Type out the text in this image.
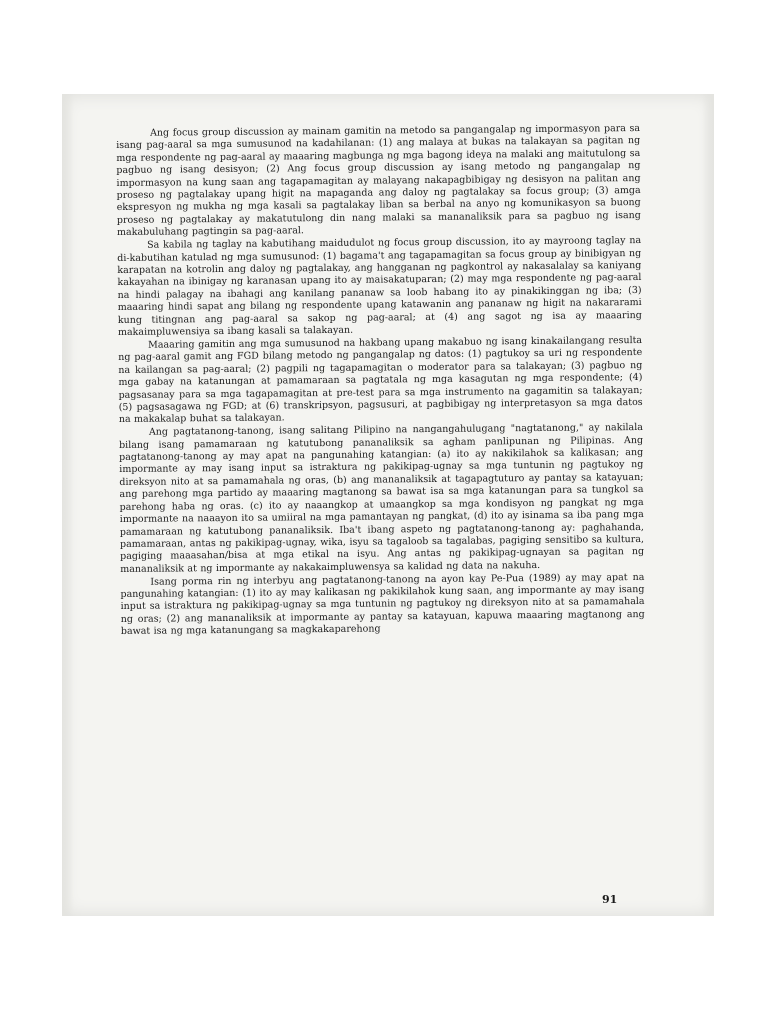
Ang focus group discussion ay mainam gamitin na metodo sa pangangalap ng impormasyon para sa isang pag-aaral sa mga sumusunod na kadahilanan: (1) ang malaya at bukas na talakayan sa pagitan ng mga respondente ng pag-aaral ay maaaring magbunga ng mga bagong ideya na malaki ang maitutulong sa pagbuo ng isang desisyon; (2) Ang focus group discussion ay isang metodo ng pangangalap ng impormasyon na kung saan ang tagapamagitan ay malayang nakapagbibigay ng desisyon na palitan ang proseso ng pagtalakay upang higit na mapaganda ang daloy ng pagtalakay sa focus group; (3) amga ekspresyon ng mukha ng mga kasali sa pagtalakay liban sa berbal na anyo ng komunikasyon sa buong proseso ng pagtalakay ay makatutulong din nang malaki sa mananaliksik para sa pagbuo ng isang makabuluhang pagtingin sa pag-aaral.

Sa kabila ng taglay na kabutihang maidudulot ng focus group discussion, ito ay mayroong taglay na di-kabutihan katulad ng mga sumusunod: (1) bagama't ang tagapamagitan sa focus group ay binibigyan ng karapatan na kotrolin ang daloy ng pagtalakay, ang hangganan ng pagkontrol ay nakasalalay sa kaniyang kakayahan na ibinigay ng karanasan upang ito ay maisakatuparan; (2) may mga respondente ng pag-aaral na hindi palagay na ibahagi ang kanilang pananaw sa loob habang ito ay pinakikinggan ng iba; (3) maaaring hindi sapat ang bilang ng respondente upang katawanin ang pananaw ng higit na nakararami kung titingnan ang pag-aaral sa sakop ng pag-aaral; at (4) ang sagot ng isa ay maaaring makaimpluwensiya sa ibang kasali sa talakayan.

Maaaring gamitin ang mga sumusunod na hakbang upang makabuo ng isang kinakailangang resulta ng pag-aaral gamit ang FGD bilang metodo ng pangangalap ng datos: (1) pagtukoy sa uri ng respondente na kailangan sa pag-aaral; (2) pagpili ng tagapamagitan o moderator para sa talakayan; (3) pagbuo ng mga gabay na katanungan at pamamaraan sa pagtatala ng mga kasagutan ng mga respondente; (4) pagsasanay para sa mga tagapamagitan at pre-test para sa mga instrumento na gagamitin sa talakayan; (5) pagsasagawa ng FGD; at (6) transkripsyon, pagsusuri, at pagbibigay ng interpretasyon sa mga datos na makakalap buhat sa talakayan.

Ang pagtatanong-tanong, isang salitang Pilipino na nangangahulugang "nagtatanong," ay nakilala bilang isang pamamaraan ng katutubong pananaliksik sa agham panlipunan ng Pilipinas. Ang pagtatanong-tanong ay may apat na pangunahing katangian: (a) ito ay nakikilahok sa kalikasan; ang impormante ay may isang input sa istraktura ng pakikipag-ugnay sa mga tuntunin ng pagtukoy ng direksyon nito at sa pamamahala ng oras, (b) ang mananaliksik at tagapagtuturo ay pantay sa katayuan; ang parehong mga partido ay maaaring magtanong sa bawat isa sa mga katanungan para sa tungkol sa parehong haba ng oras. (c) ito ay naaangkop at umaangkop sa mga kondisyon ng pangkat ng mga impormante na naaayon ito sa umiiral na mga pamantayan ng pangkat, (d) ito ay isinama sa iba pang mga pamamaraan ng katutubong pananaliksik. Iba't ibang aspeto ng pagtatanong-tanong ay: paghahanda, pamamaraan, antas ng pakikipag-ugnay, wika, isyu sa tagaloob sa tagalabas, pagiging sensitibo sa kultura, pagiging maaasahan/bisa at mga etikal na isyu. Ang antas ng pakikipag-ugnayan sa pagitan ng mananaliksik at ng impormante ay nakakaimpluwensya sa kalidad ng data na nakuha.

Isang porma rin ng interbyu ang pagtatanong-tanong na ayon kay Pe-Pua (1989) ay may apat na pangunahing katangian: (1) ito ay may kalikasan ng pakikilahok kung saan, ang impormante ay may isang input sa istraktura ng pakikipag-ugnay sa mga tuntunin ng pagtukoy ng direksyon nito at sa pamamahala ng oras; (2) ang mananaliksik at impormante ay pantay sa katayuan, kapuwa maaaring magtanong ang bawat isa ng mga katanungang sa magkakaparehong

91
